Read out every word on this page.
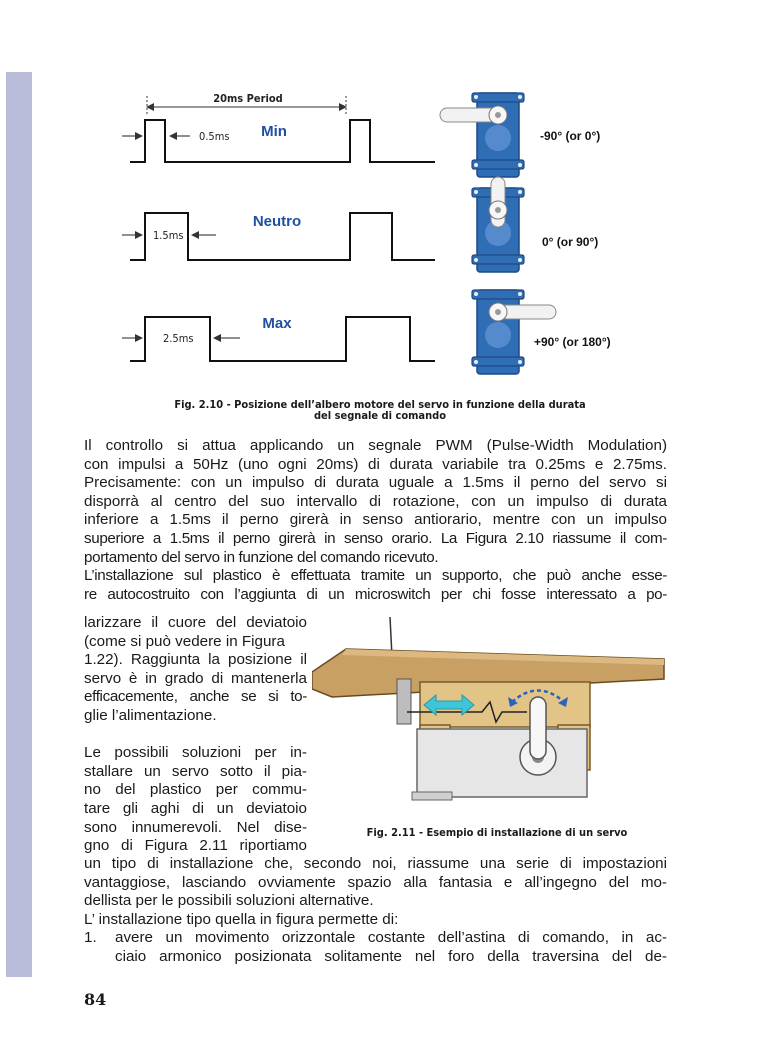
20ms Period
0.5ms Min
1.5ms
Neutro
2.5ms
Max
-90° (or 0°)
0° (or 90°)
+90° (or 180°)
Fig. 2.10 - Posizione dell’albero motore del servo in funzione della durata
del segnale di comando
Il controllo si attua applicando un segnale PWM (Pulse-Width Modulation)
con impulsi a 50Hz (uno ogni 20ms) di durata variabile tra 0.25ms e 2.75ms.
Precisamente: con un impulso di durata uguale a 1.5ms il perno del servo si
disporrà al centro del suo intervallo di rotazione, con un impulso di durata
inferiore a 1.5ms il perno girerà in senso antiorario, mentre con un impulso
superiore a 1.5ms il perno girerà in senso orario. La Figura 2.10 riassume il com-
portamento del servo in funzione del comando ricevuto.
L’installazione sul plastico è effettuata tramite un supporto, che può anche esse-
re autocostruito con l’aggiunta di un microswitch per chi fosse interessato a po-
larizzare il cuore del deviatoio
(come si può vedere in Figura
1.22). Raggiunta la posizione il
servo è in grado di mantenerla
efficacemente, anche se si to-
glie l’alimentazione.

Le possibili soluzioni per in-
stallare un servo sotto il pia-
no del plastico per commu-
tare gli aghi di un deviatoio
sono innumerevoli. Nel dise-
gno di Figura 2.11 riportiamo
Fig. 2.11 - Esempio di installazione di un servo
un tipo di installazione che, secondo noi, riassume una serie di impostazioni
vantaggiose, lasciando ovviamente spazio alla fantasia e all’ingegno del mo-
dellista per le possibili soluzioni alternative.
L’ installazione tipo quella in figura permette di:
1.	avere un movimento orizzontale costante dell’astina di comando, in ac-
ciaio armonico posizionata solitamente nel foro della traversina del de-
84
